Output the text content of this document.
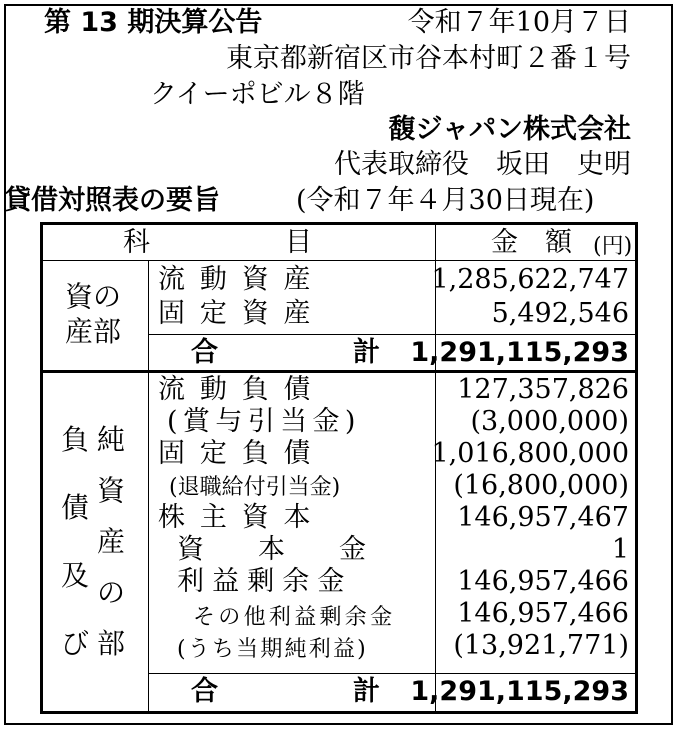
第 13 期決算公告	令和７年10月７日
東京都新宿区市谷本村町２番１号
クイーポビル８階
馥ジャパン株式会社
代表取締役　坂田　史明
貸借対照表の要旨	(令和７年４月30日現在)
科　　　　　目	金　額 (円)
資の
産部
流動資産	1,285,622,747
固定資産	5,492,546
合　　　　　計 1,291,115,293
負
債
及
び
純
資
産
の
部
流動負債	127,357,826
(賞与引当金)	(3,000,000)
固定負債	1,016,800,000
(退職給付引当金)	(16,800,000)
株主資本	146,957,467
資　　本　　金	1
利益剰余金	146,957,466
その他利益剰余金 146,957,466
(うち当期純利益)	(13,921,771)
合　　　　　計 1,291,115,293
